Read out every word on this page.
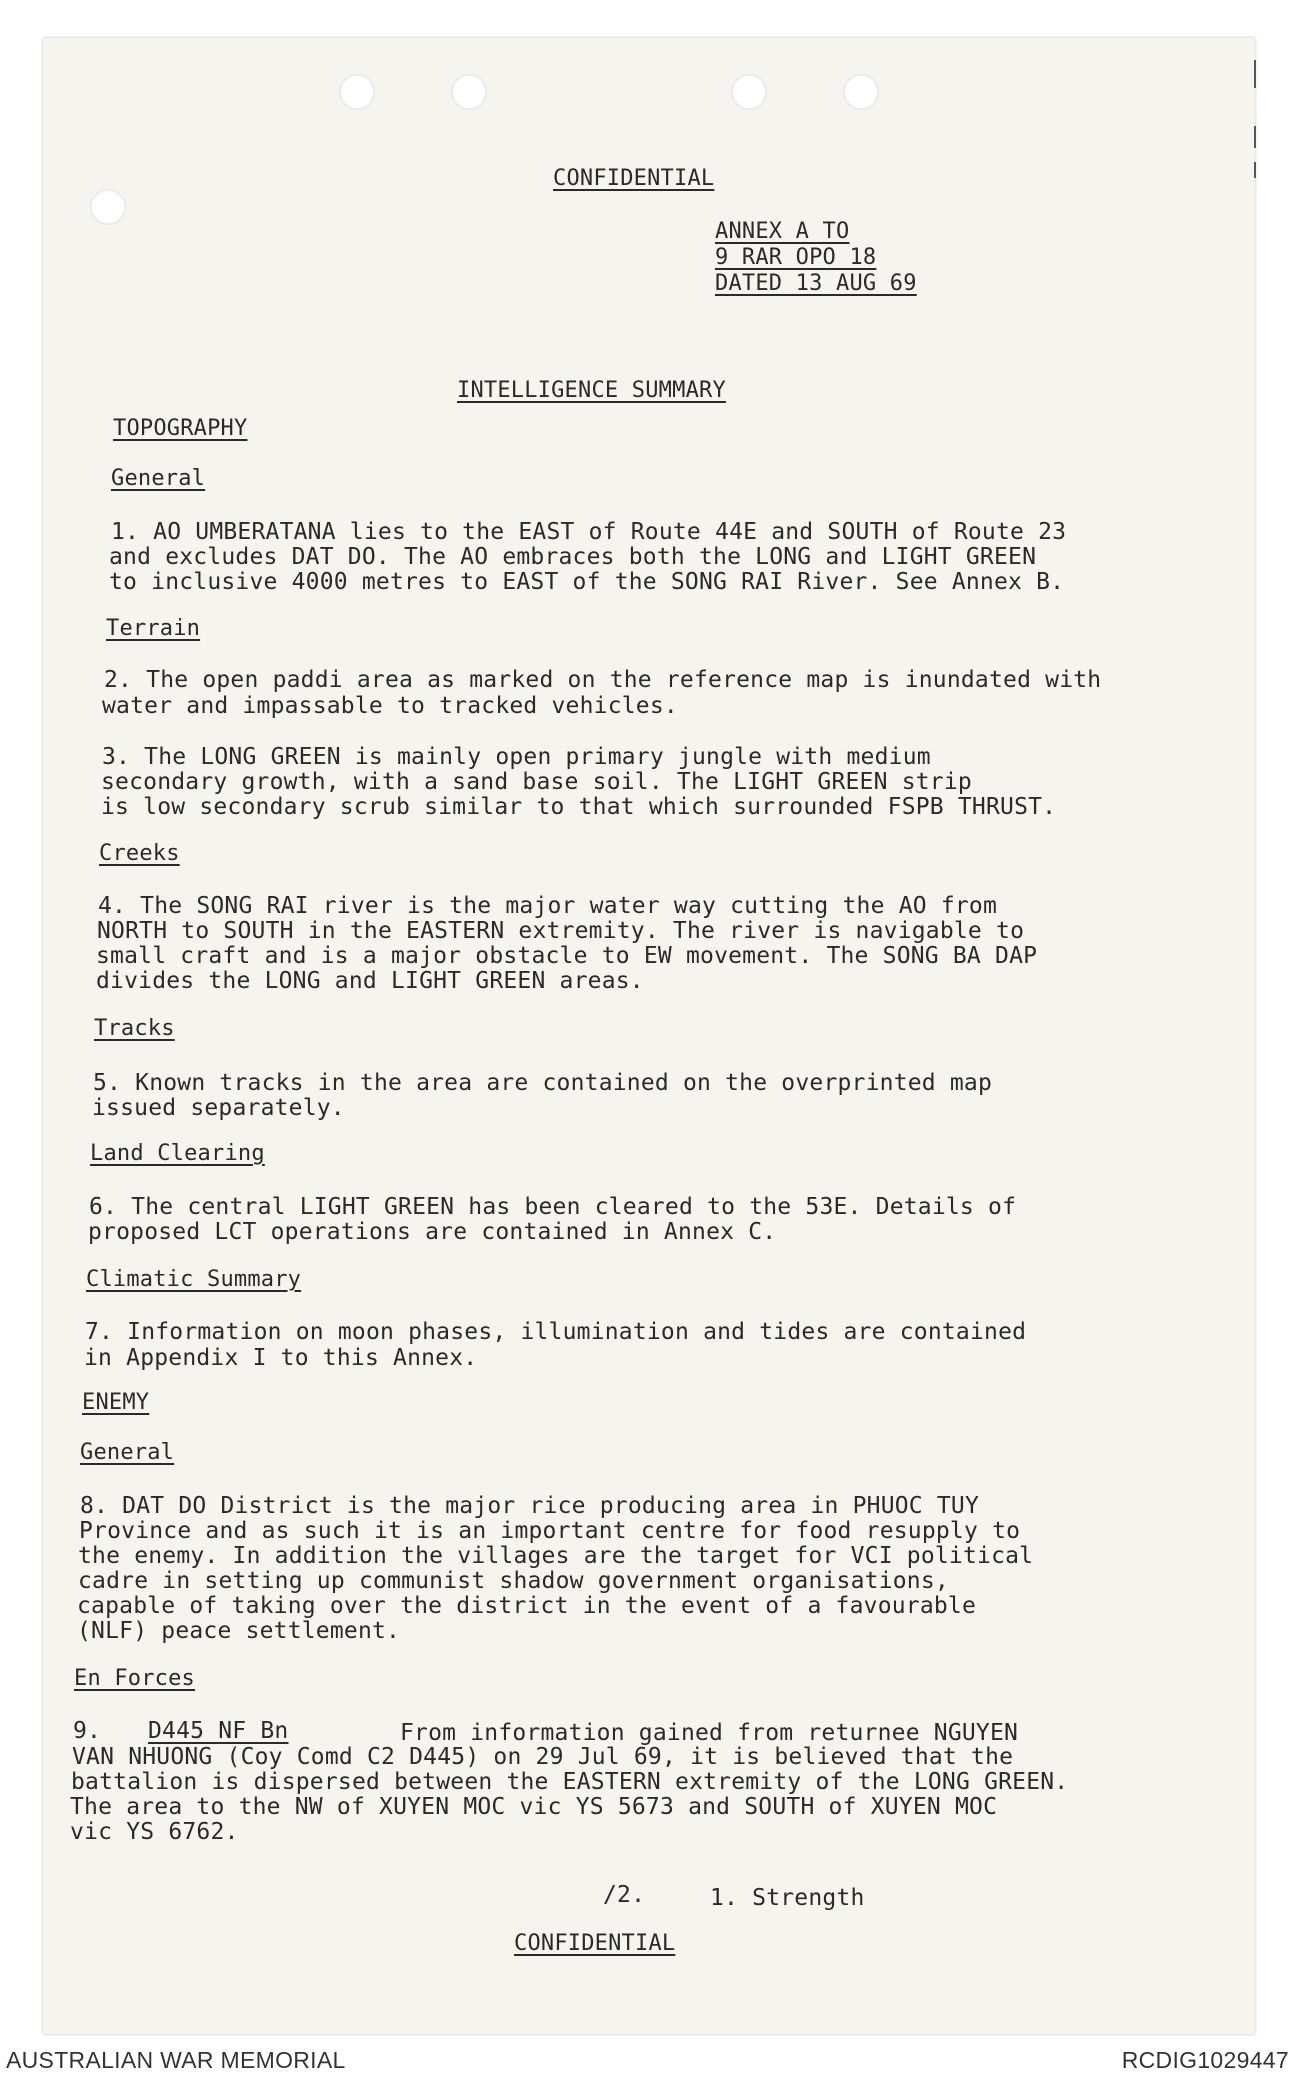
CONFIDENTIAL
ANNEX A TO
9 RAR OPO 18
DATED 13 AUG 69
INTELLIGENCE SUMMARY
TOPOGRAPHY
General
1. AO UMBERATANA lies to the EAST of Route 44E and SOUTH of Route 23
and excludes DAT DO. The AO embraces both the LONG and LIGHT GREEN
to inclusive 4000 metres to EAST of the SONG RAI River. See Annex B.
Terrain
2. The open paddi area as marked on the reference map is inundated with
water and impassable to tracked vehicles.
3. The LONG GREEN is mainly open primary jungle with medium
secondary growth, with a sand base soil. The LIGHT GREEN strip
is low secondary scrub similar to that which surrounded FSPB THRUST.
Creeks
4. The SONG RAI river is the major water way cutting the AO from
NORTH to SOUTH in the EASTERN extremity. The river is navigable to
small craft and is a major obstacle to EW movement. The SONG BA DAP
divides the LONG and LIGHT GREEN areas.
Tracks
5. Known tracks in the area are contained on the overprinted map
issued separately.
Land Clearing
6. The central LIGHT GREEN has been cleared to the 53E. Details of
proposed LCT operations are contained in Annex C.
Climatic Summary
7. Information on moon phases, illumination and tides are contained
in Appendix I to this Annex.
ENEMY
General
8. DAT DO District is the major rice producing area in PHUOC TUY
Province and as such it is an important centre for food resupply to
the enemy. In addition the villages are the target for VCI political
cadre in setting up communist shadow government organisations,
capable of taking over the district in the event of a favourable
(NLF) peace settlement.
En Forces
9. D445 NF Bn	From information gained from returnee NGUYEN
VAN NHUONG (Coy Comd C2 D445) on 29 Jul 69, it is believed that the
battalion is dispersed between the EASTERN extremity of the LONG GREEN.
The area to the NW of XUYEN MOC vic YS 5673 and SOUTH of XUYEN MOC
vic YS 6762.
/2.	1. Strength
CONFIDENTIAL
AUSTRALIAN WAR MEMORIAL	RCDIG1029447
